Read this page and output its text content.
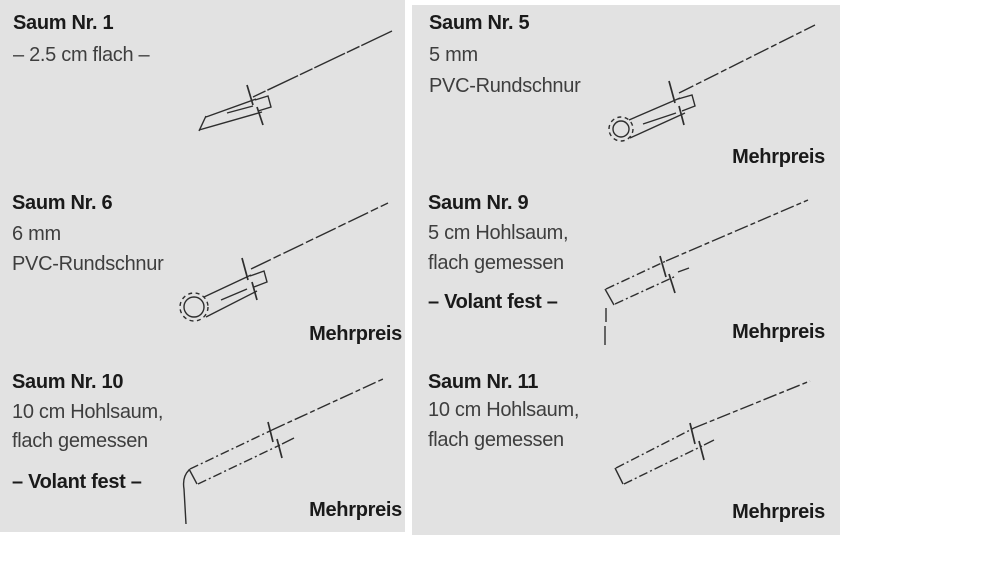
Saum Nr. 1

– 2.5 cm flach –

Saum Nr. 5

5 mm

PVC-Rundschnur

Mehrpreis

Saum Nr. 6

6 mm

PVC-Rundschnur

Mehrpreis

Saum Nr. 9

5 cm Hohlsaum,

flach gemessen

– Volant fest –

Mehrpreis

Saum Nr. 10

10 cm Hohlsaum,

flach gemessen

– Volant fest –

Mehrpreis

Saum Nr. 11

10 cm Hohlsaum,

flach gemessen

Mehrpreis
